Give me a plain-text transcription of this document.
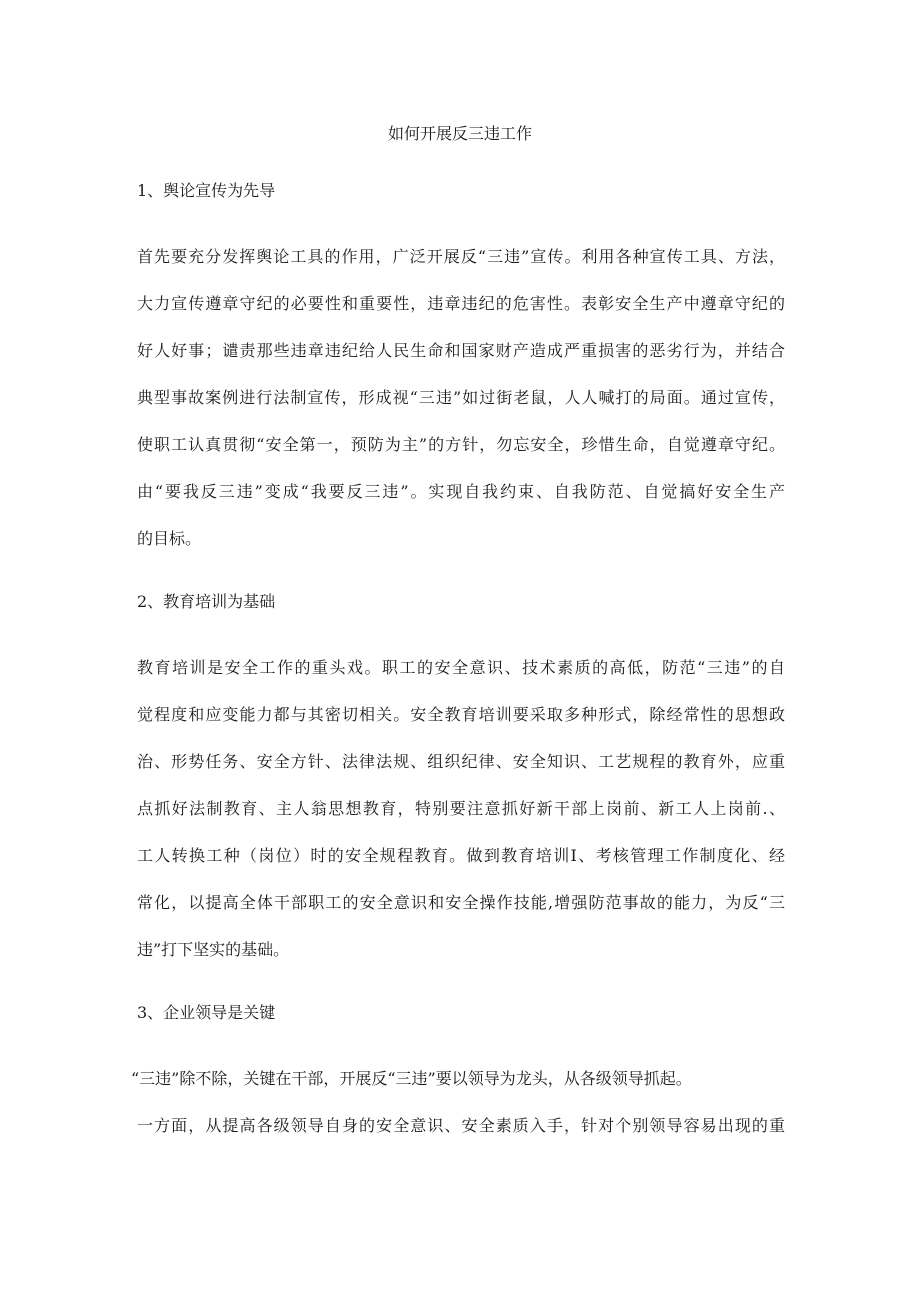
如何开展反三违工作
1、舆论宣传为先导
首先要充分发挥舆论工具的作用，广泛开展反“三违”宣传。利用各种宣传工具、方法，
大力宣传遵章守纪的必要性和重要性，违章违纪的危害性。表彰安全生产中遵章守纪的
好人好事；谴责那些违章违纪给人民生命和国家财产造成严重损害的恶劣行为，并结合
典型事故案例进行法制宣传，形成视“三违”如过街老鼠，人人喊打的局面。通过宣传，
使职工认真贯彻“安全第一，预防为主”的方针，勿忘安全，珍惜生命，自觉遵章守纪。
由“要我反三违”变成“我要反三违”。实现自我约束、自我防范、自觉搞好安全生产
的目标。
2、教育培训为基础
教育培训是安全工作的重头戏。职工的安全意识、技术素质的高低，防范“三违”的自
觉程度和应变能力都与其密切相关。安全教育培训要采取多种形式，除经常性的思想政
治、形势任务、安全方针、法律法规、组织纪律、安全知识、工艺规程的教育外，应重
点抓好法制教育、主人翁思想教育，特别要注意抓好新干部上岗前、新工人上岗前.、
工人转换工种（岗位）时的安全规程教育。做到教育培训I、考核管理工作制度化、经
常化，以提高全体干部职工的安全意识和安全操作技能,增强防范事故的能力，为反“三
违”打下坚实的基础。
3、企业领导是关键
“三违”除不除，关键在干部，开展反“三违”要以领导为龙头，从各级领导抓起。
一方面，从提高各级领导自身的安全意识、安全素质入手，针对个别领导容易出现的重
